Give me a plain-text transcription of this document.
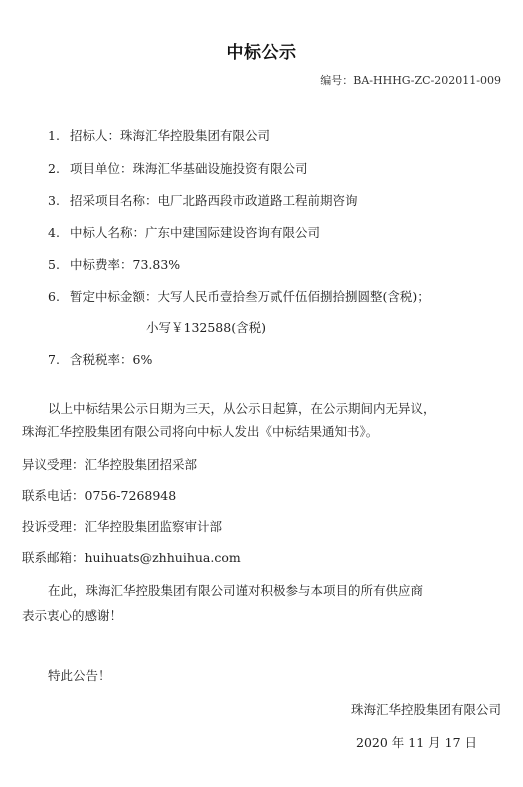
中标公示
编号：BA-HHHG-ZC-202011-009
1. 招标人：珠海汇华控股集团有限公司
2. 项目单位：珠海汇华基础设施投资有限公司
3. 招采项目名称：电厂北路西段市政道路工程前期咨询
4. 中标人名称：广东中建国际建设咨询有限公司
5. 中标费率：73.83%
6. 暂定中标金额：大写人民币壹拾叁万贰仟伍佰捌拾捌圆整(含税)；
小写￥132588(含税)
7. 含税税率：6%
以上中标结果公示日期为三天，从公示日起算，在公示期间内无异议，
珠海汇华控股集团有限公司将向中标人发出《中标结果通知书》。
异议受理：汇华控股集团招采部
联系电话：0756-7268948
投诉受理：汇华控股集团监察审计部
联系邮箱：huihuats@zhhuihua.com
在此，珠海汇华控股集团有限公司谨对积极参与本项目的所有供应商
表示衷心的感谢！
特此公告！
珠海汇华控股集团有限公司
2020 年 11 月 17 日
